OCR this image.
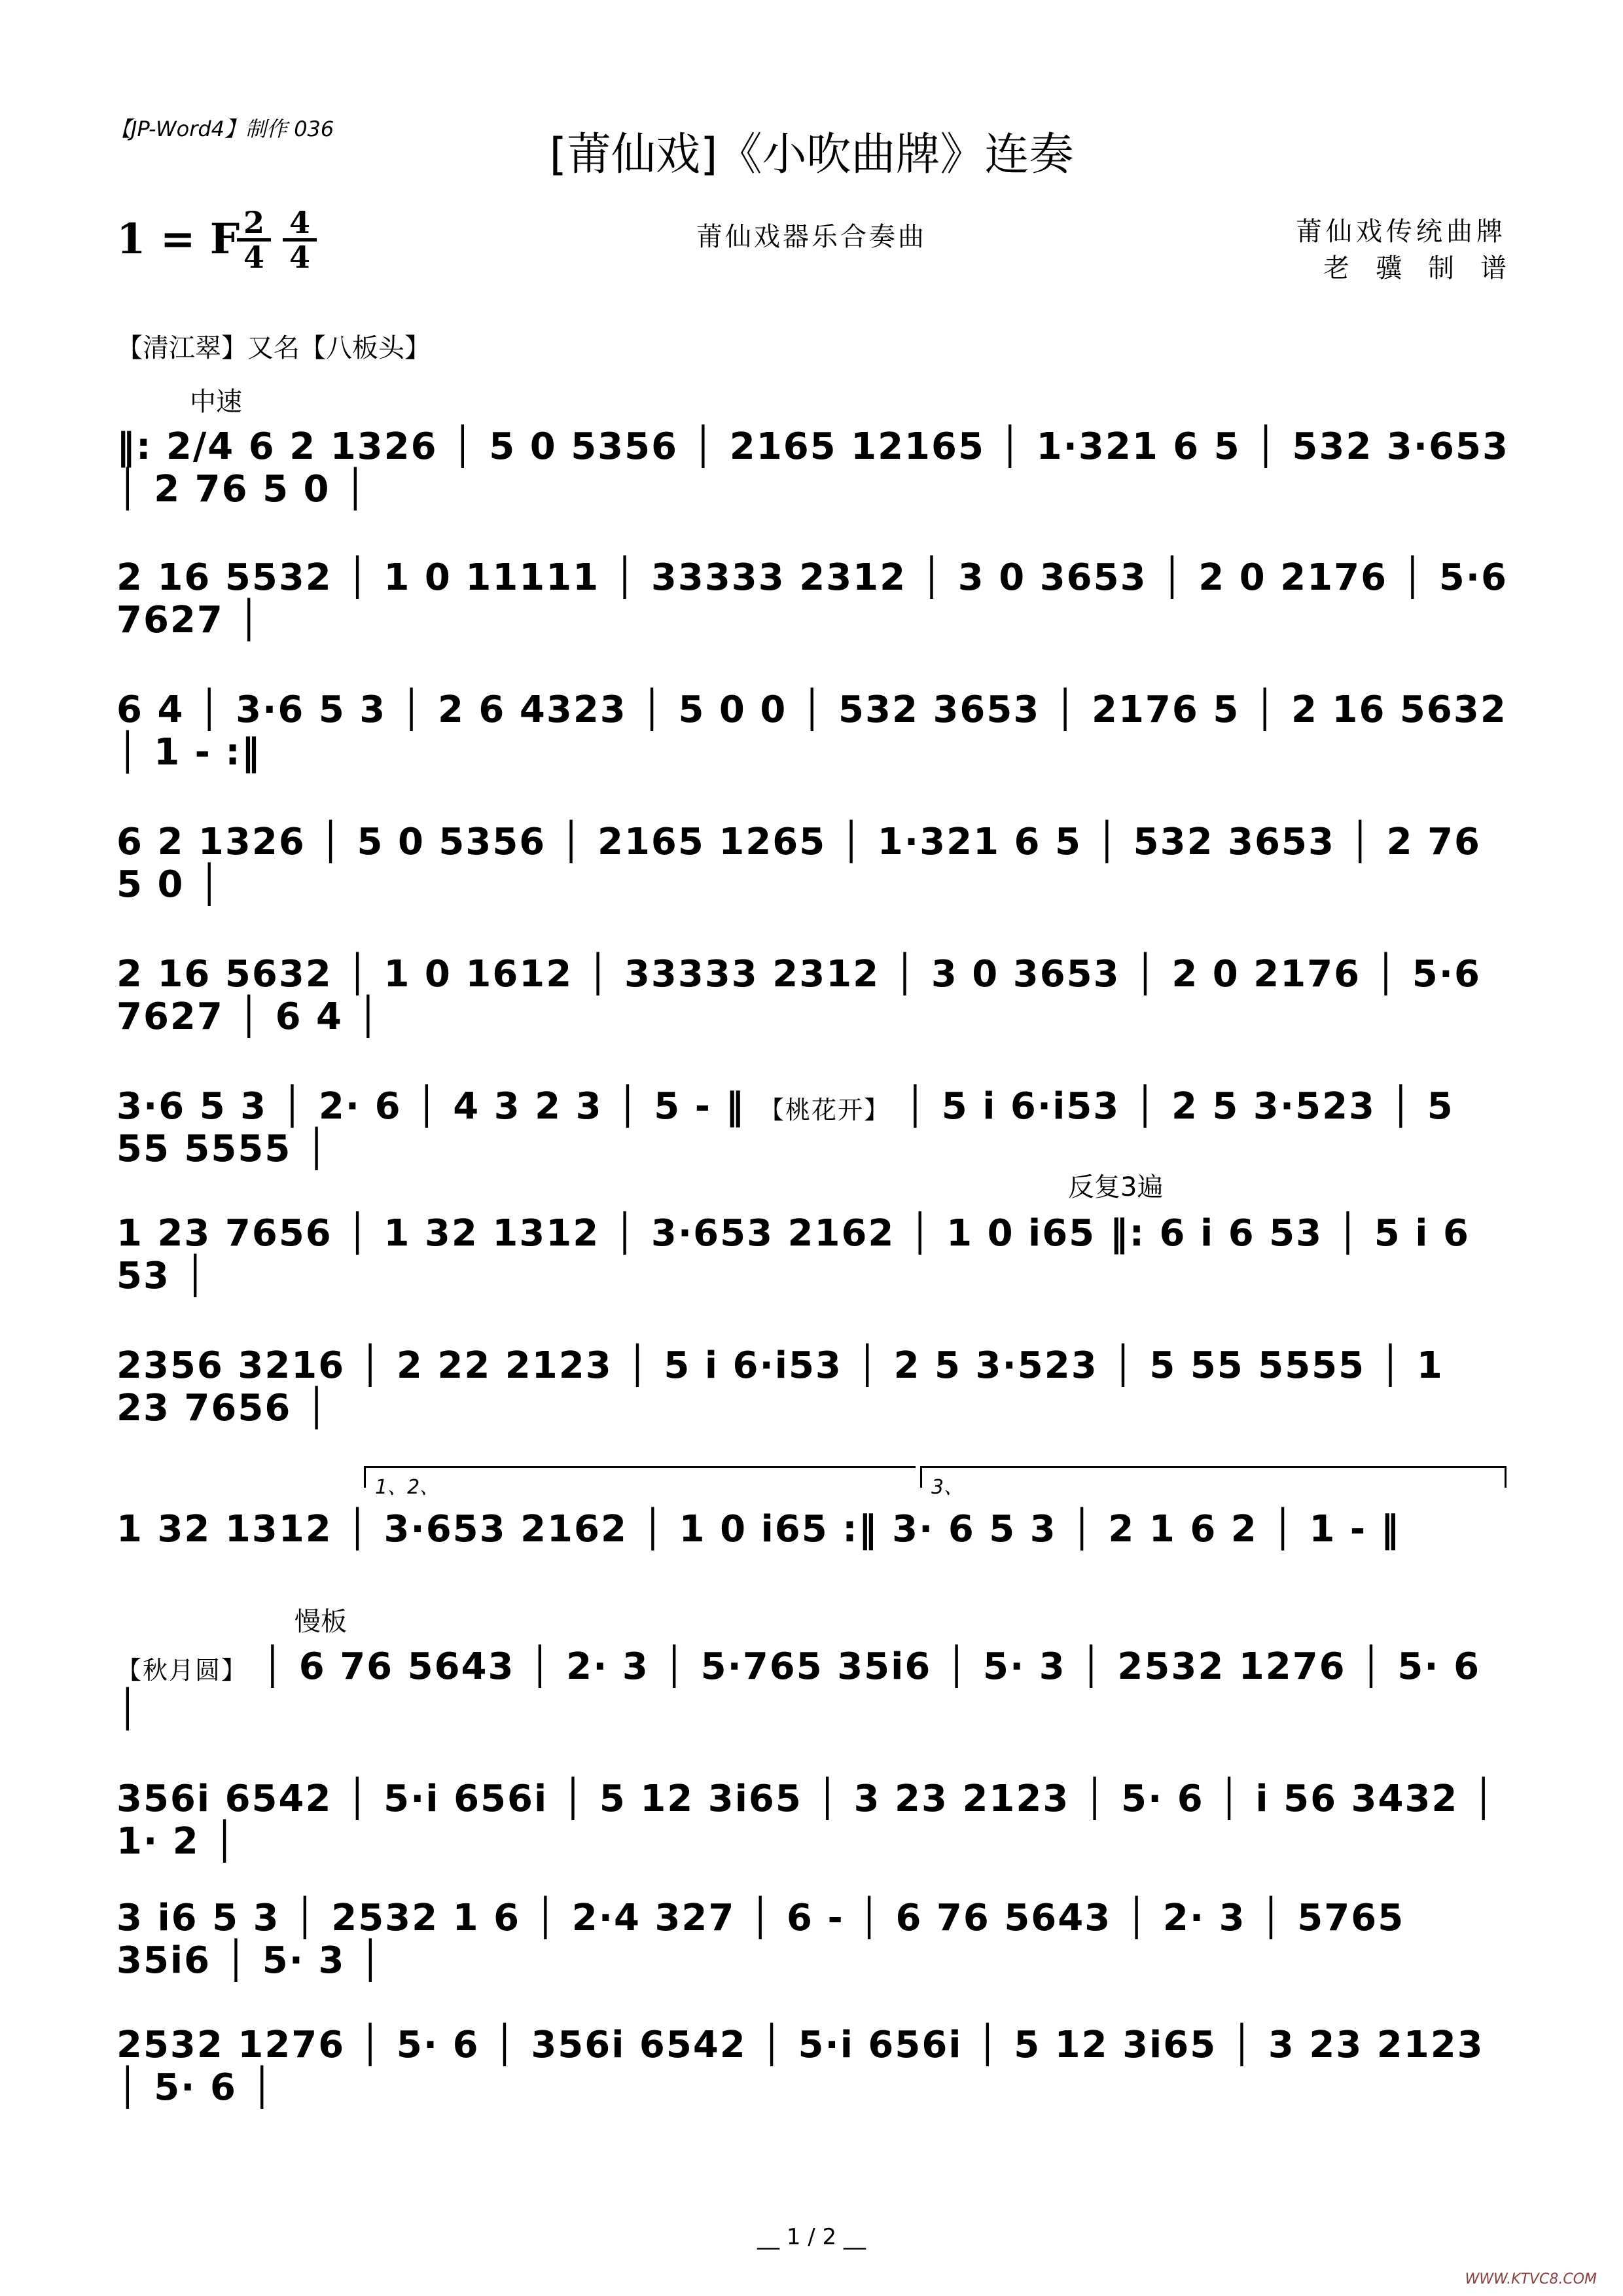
【JP-Word4】制作 036	[莆仙戏]《小吹曲牌》连奏
1 = F 2
4
4
4
莆仙戏器乐合奏曲	莆仙戏传统曲牌
老骥制谱
【清江翠】又名【八板头】
中速
‖: 2/4 6 2 1326 │ 5 0 5356 │ 2165 12165 │ 1·321 6 5 │ 532 3·653 │ 2 76 5 0 │
2 16 5532 │ 1 0 11111 │ 33333 2312 │ 3 0 3653 │ 2 0 2176 │ 5·6 7627 │
6 4 │ 3·6 5 3 │ 2 6 4323 │ 5 0 0 │ 532 3653 │ 2176 5 │ 2 16 5632 │ 1 - :‖
6 2 1326 │ 5 0 5356 │ 2165 1265 │ 1·321 6 5 │ 532 3653 │ 2 76 5 0 │
2 16 5632 │ 1 0 1612 │ 33333 2312 │ 3 0 3653 │ 2 0 2176 │ 5·6 7627 │ 6 4 │
3·6 5 3 │ 2· 6 │ 4 3 2 3 │ 5 - ‖ 【桃花开】 │ 5 i 6·i53 │ 2 5 3·523 │ 5 55 5555 │
反复3遍
1 23 7656 │ 1 32 1312 │ 3·653 2162 │ 1 0 i65 ‖: 6 i 6 53 │ 5 i 6 53 │
2356 3216 │ 2 22 2123 │ 5 i 6·i53 │ 2 5 3·523 │ 5 55 5555 │ 1 23 7656 │
1、2、	3、
1 32 1312 │ 3·653 2162 │ 1 0 i65 :‖ 3· 6 5 3 │ 2 1 6 2 │ 1 - ‖
慢板
【秋月圆】 │ 6 76 5643 │ 2· 3 │ 5·765 35i6 │ 5· 3 │ 2532 1276 │ 5· 6 │
356i 6542 │ 5·i 656i │ 5 12 3i65 │ 3 23 2123 │ 5· 6 │ i 56 3432 │ 1· 2 │
3 i6 5 3 │ 2532 1 6 │ 2·4 327 │ 6 - │ 6 76 5643 │ 2· 3 │ 5765 35i6 │ 5· 3 │
2532 1276 │ 5· 6 │ 356i 6542 │ 5·i 656i │ 5 12 3i65 │ 3 23 2123 │ 5· 6 │
__ 1 / 2 __
WWW.KTVC8.COM
